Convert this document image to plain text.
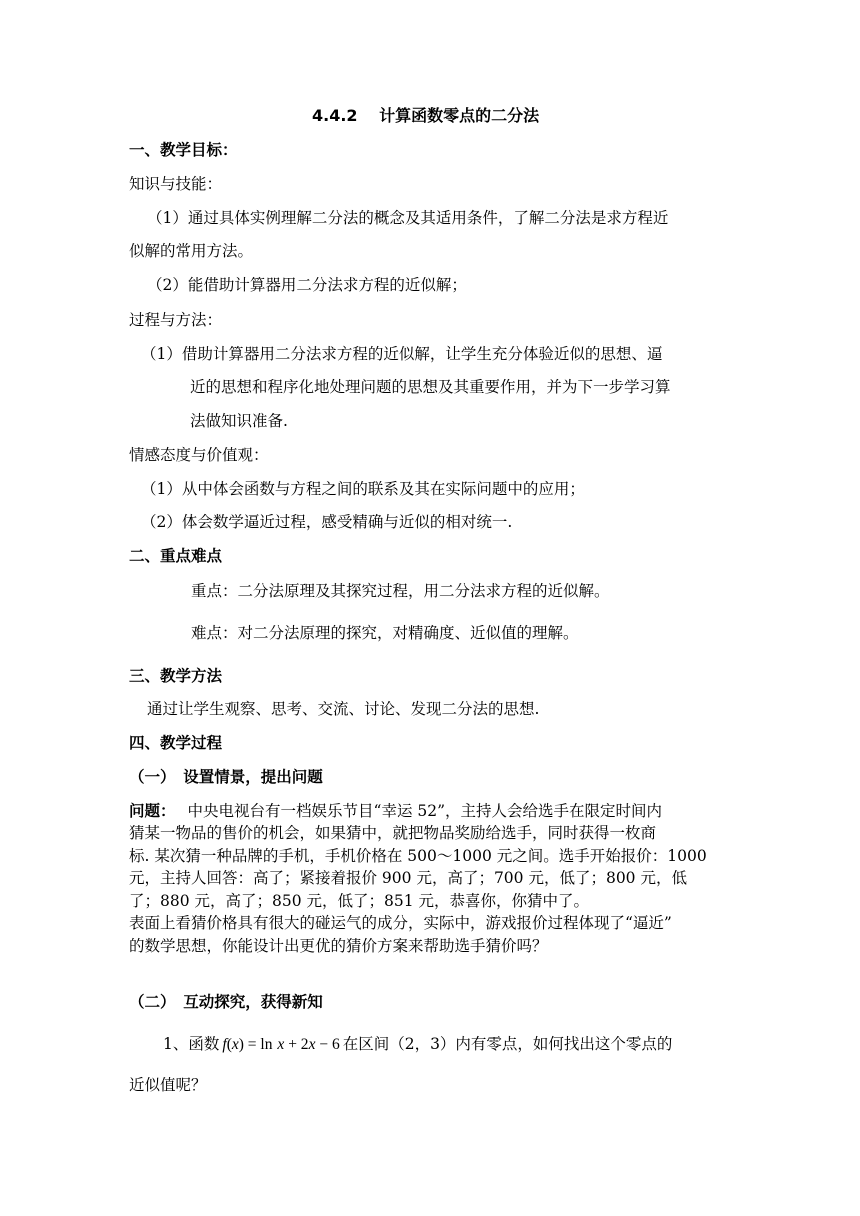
4.4.2　 计算函数零点的二分法
一、教学目标：
知识与技能：
（1）通过具体实例理解二分法的概念及其适用条件，了解二分法是求方程近
似解的常用方法。
（2）能借助计算器用二分法求方程的近似解；
过程与方法：
（1）借助计算器用二分法求方程的近似解，让学生充分体验近似的思想、逼
近的思想和程序化地处理问题的思想及其重要作用，并为下一步学习算
法做知识准备.
情感态度与价值观：
（1）从中体会函数与方程之间的联系及其在实际问题中的应用；
（2）体会数学逼近过程，感受精确与近似的相对统一.
二、重点难点
重点：二分法原理及其探究过程，用二分法求方程的近似解。
难点：对二分法原理的探究，对精确度、近似值的理解。
三、教学方法
通过让学生观察、思考、交流、讨论、发现二分法的思想.
四、教学过程
（一）　设置情景，提出问题
问题： 中央电视台有一档娱乐节目“幸运 52”，主持人会给选手在限定时间内
猜某一物品的售价的机会，如果猜中，就把物品奖励给选手，同时获得一枚商
标. 某次猜一种品牌的手机，手机价格在 500～1000 元之间。选手开始报价：1000
元，主持人回答：高了；紧接着报价 900 元，高了；700 元，低了；800 元，低
了；880 元，高了；850 元，低了；851 元，恭喜你，你猜中了。
表面上看猜价格具有很大的碰运气的成分，实际中，游戏报价过程体现了“逼近”
的数学思想，你能设计出更优的猜价方案来帮助选手猜价吗？
（二）　互动探究，获得新知
1、函数 f(x) = ln x + 2x − 6 在区间（2，3）内有零点，如何找出这个零点的
近似值呢？
